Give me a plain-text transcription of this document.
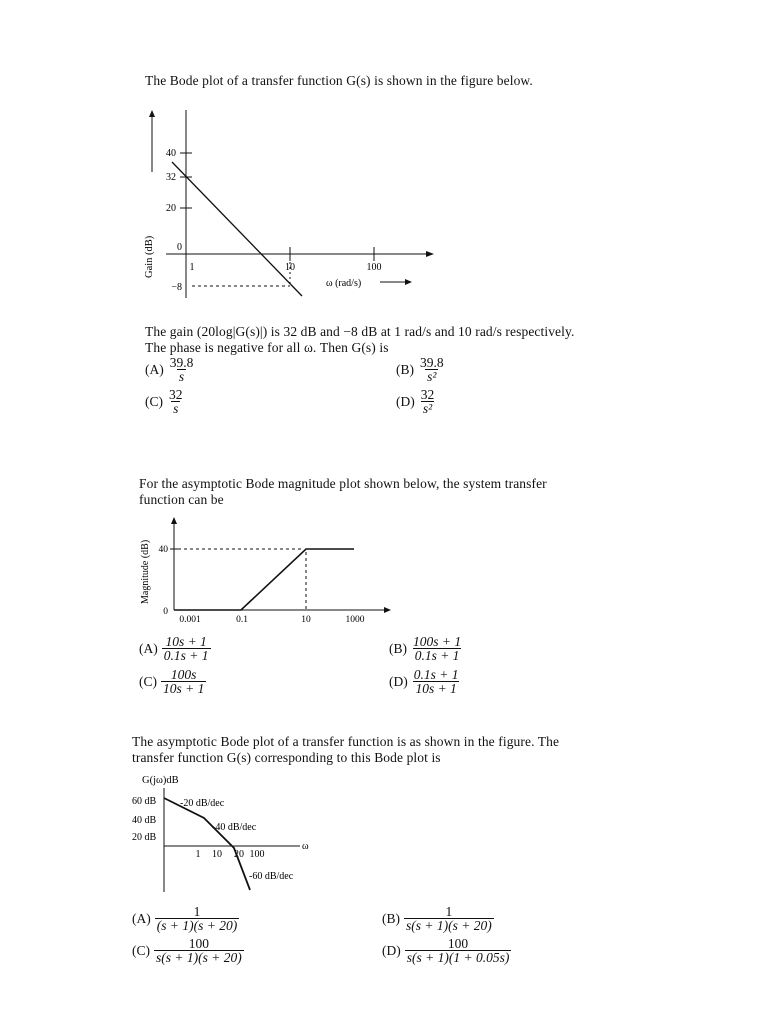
The Bode plot of a transfer function G(s) is shown in the figure below.
Gain (dB)
40
32
20
0
−8
1	10	100
ω (rad/s)
The gain (20log|G(s)|) is 32 dB and −8 dB at 1 rad/s and 10 rad/s respectively.
The phase is negative for all ω. Then G(s) is
$(A) \frac{39.8}{s}$	$(B) \frac{39.8}{\text{s²}}$
$(C) \frac{32}{s}$	$(D) \frac{32}{\text{s²}}$
For the asymptotic Bode magnitude plot shown below, the system transfer
function can be
Magnitude (dB) 40
0
0.001	0.1	10	1000
$(A) \frac{10s + 1}{0.1s + 1}$	$(B) \frac{100s + 1}{0.1s + 1}$
$(C) \frac{100s}{10s + 1}$	$(D) \frac{0.1s + 1}{10s + 1}$
The asymptotic Bode plot of a transfer function is as shown in the figure. The
transfer function G(s) corresponding to this Bode plot is
G(jω)dB
ω
60 dB
40 dB
20 dB
1 10 20 100
-20 dB/dec
-40 dB/dec
-60 dB/dec
$(A) \frac{1}{(s + 1)(s + 20)}$	$(B) \frac{1}{s(s + 1)(s + 20)}$
$(C) \frac{100}{s(s + 1)(s + 20)}$	$(D) \frac{100}{s(s + 1)(1 + 0.05s)}$
